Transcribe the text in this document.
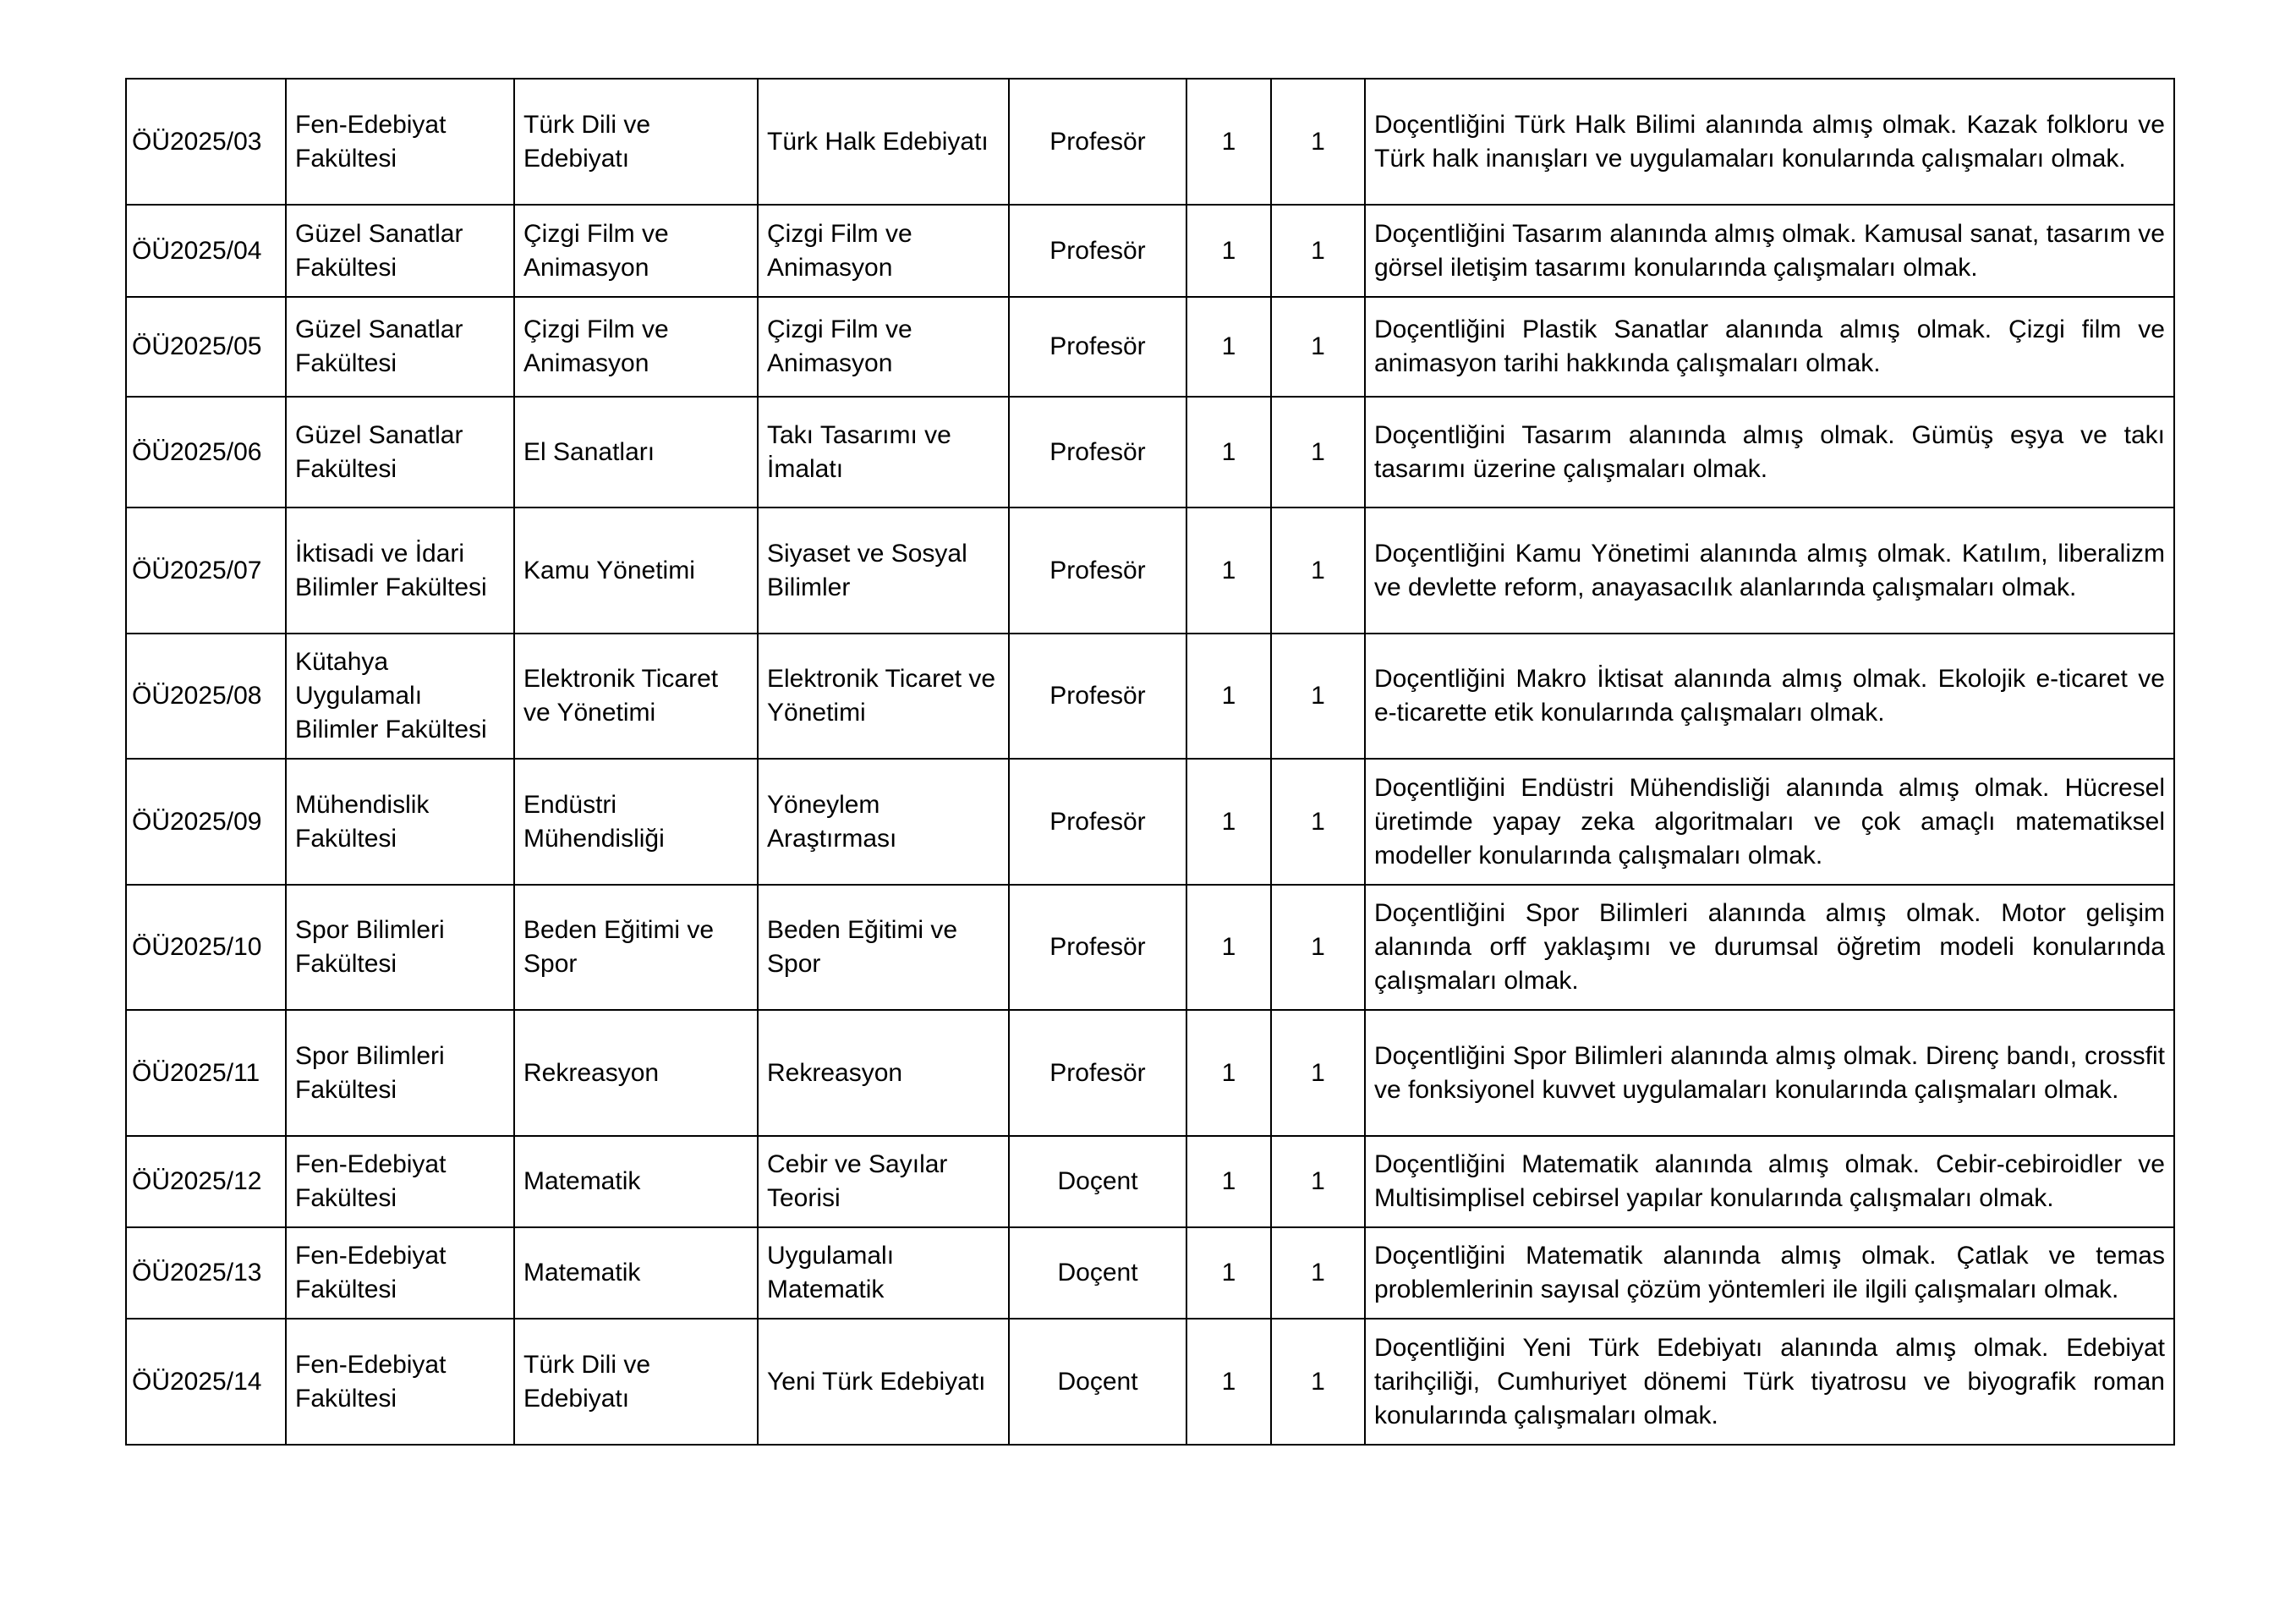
ÖÜ2025/03	Fen-Edebiyat Fakültesi	Türk Dili ve Edebiyatı	Türk Halk Edebiyatı	Profesör	1	1	Doçentliğini Türk Halk Bilimi alanında almış olmak. Kazak folkloru ve Türk halk inanışları ve uygulamaları konularında çalışmaları olmak.
ÖÜ2025/04	Güzel Sanatlar Fakültesi	Çizgi Film ve Animasyon	Çizgi Film ve Animasyon	Profesör	1	1	Doçentliğini Tasarım alanında almış olmak. Kamusal sanat, tasarım ve görsel iletişim tasarımı konularında çalışmaları olmak.
ÖÜ2025/05	Güzel Sanatlar Fakültesi	Çizgi Film ve Animasyon	Çizgi Film ve Animasyon	Profesör	1	1	Doçentliğini Plastik Sanatlar alanında almış olmak. Çizgi film ve animasyon tarihi hakkında çalışmaları olmak.
ÖÜ2025/06	Güzel Sanatlar Fakültesi	El Sanatları	Takı Tasarımı ve İmalatı	Profesör	1	1	Doçentliğini Tasarım alanında almış olmak. Gümüş eşya ve takı tasarımı üzerine çalışmaları olmak.
ÖÜ2025/07	İktisadi ve İdari Bilimler Fakültesi	Kamu Yönetimi	Siyaset ve Sosyal Bilimler	Profesör	1	1	Doçentliğini Kamu Yönetimi alanında almış olmak. Katılım, liberalizm ve devlette reform, anayasacılık alanlarında çalışmaları olmak.
ÖÜ2025/08	Kütahya Uygulamalı Bilimler Fakültesi	Elektronik Ticaret ve Yönetimi	Elektronik Ticaret ve Yönetimi	Profesör	1	1	Doçentliğini Makro İktisat alanında almış olmak. Ekolojik e-ticaret ve e-ticarette etik konularında çalışmaları olmak.
ÖÜ2025/09	Mühendislik Fakültesi	Endüstri Mühendisliği	Yöneylem Araştırması	Profesör	1	1	Doçentliğini Endüstri Mühendisliği alanında almış olmak. Hücresel üretimde yapay zeka algoritmaları ve çok amaçlı matematiksel modeller konularında çalışmaları olmak.
ÖÜ2025/10	Spor Bilimleri Fakültesi	Beden Eğitimi ve Spor	Beden Eğitimi ve Spor	Profesör	1	1	Doçentliğini Spor Bilimleri alanında almış olmak. Motor gelişim alanında orff yaklaşımı ve durumsal öğretim modeli konularında çalışmaları olmak.
ÖÜ2025/11	Spor Bilimleri Fakültesi	Rekreasyon	Rekreasyon	Profesör	1	1	Doçentliğini Spor Bilimleri alanında almış olmak. Direnç bandı, crossfit ve fonksiyonel kuvvet uygulamaları konularında çalışmaları olmak.
ÖÜ2025/12	Fen-Edebiyat Fakültesi	Matematik	Cebir ve Sayılar Teorisi	Doçent	1	1	Doçentliğini Matematik alanında almış olmak. Cebir-cebiroidler ve Multisimplisel cebirsel yapılar konularında çalışmaları olmak.
ÖÜ2025/13	Fen-Edebiyat Fakültesi	Matematik	Uygulamalı Matematik	Doçent	1	1	Doçentliğini Matematik alanında almış olmak. Çatlak ve temas problemlerinin sayısal çözüm yöntemleri ile ilgili çalışmaları olmak.
ÖÜ2025/14	Fen-Edebiyat Fakültesi	Türk Dili ve Edebiyatı	Yeni Türk Edebiyatı	Doçent	1	1	Doçentliğini Yeni Türk Edebiyatı alanında almış olmak. Edebiyat tarihçiliği, Cumhuriyet dönemi Türk tiyatrosu ve biyografik roman konularında çalışmaları olmak.
